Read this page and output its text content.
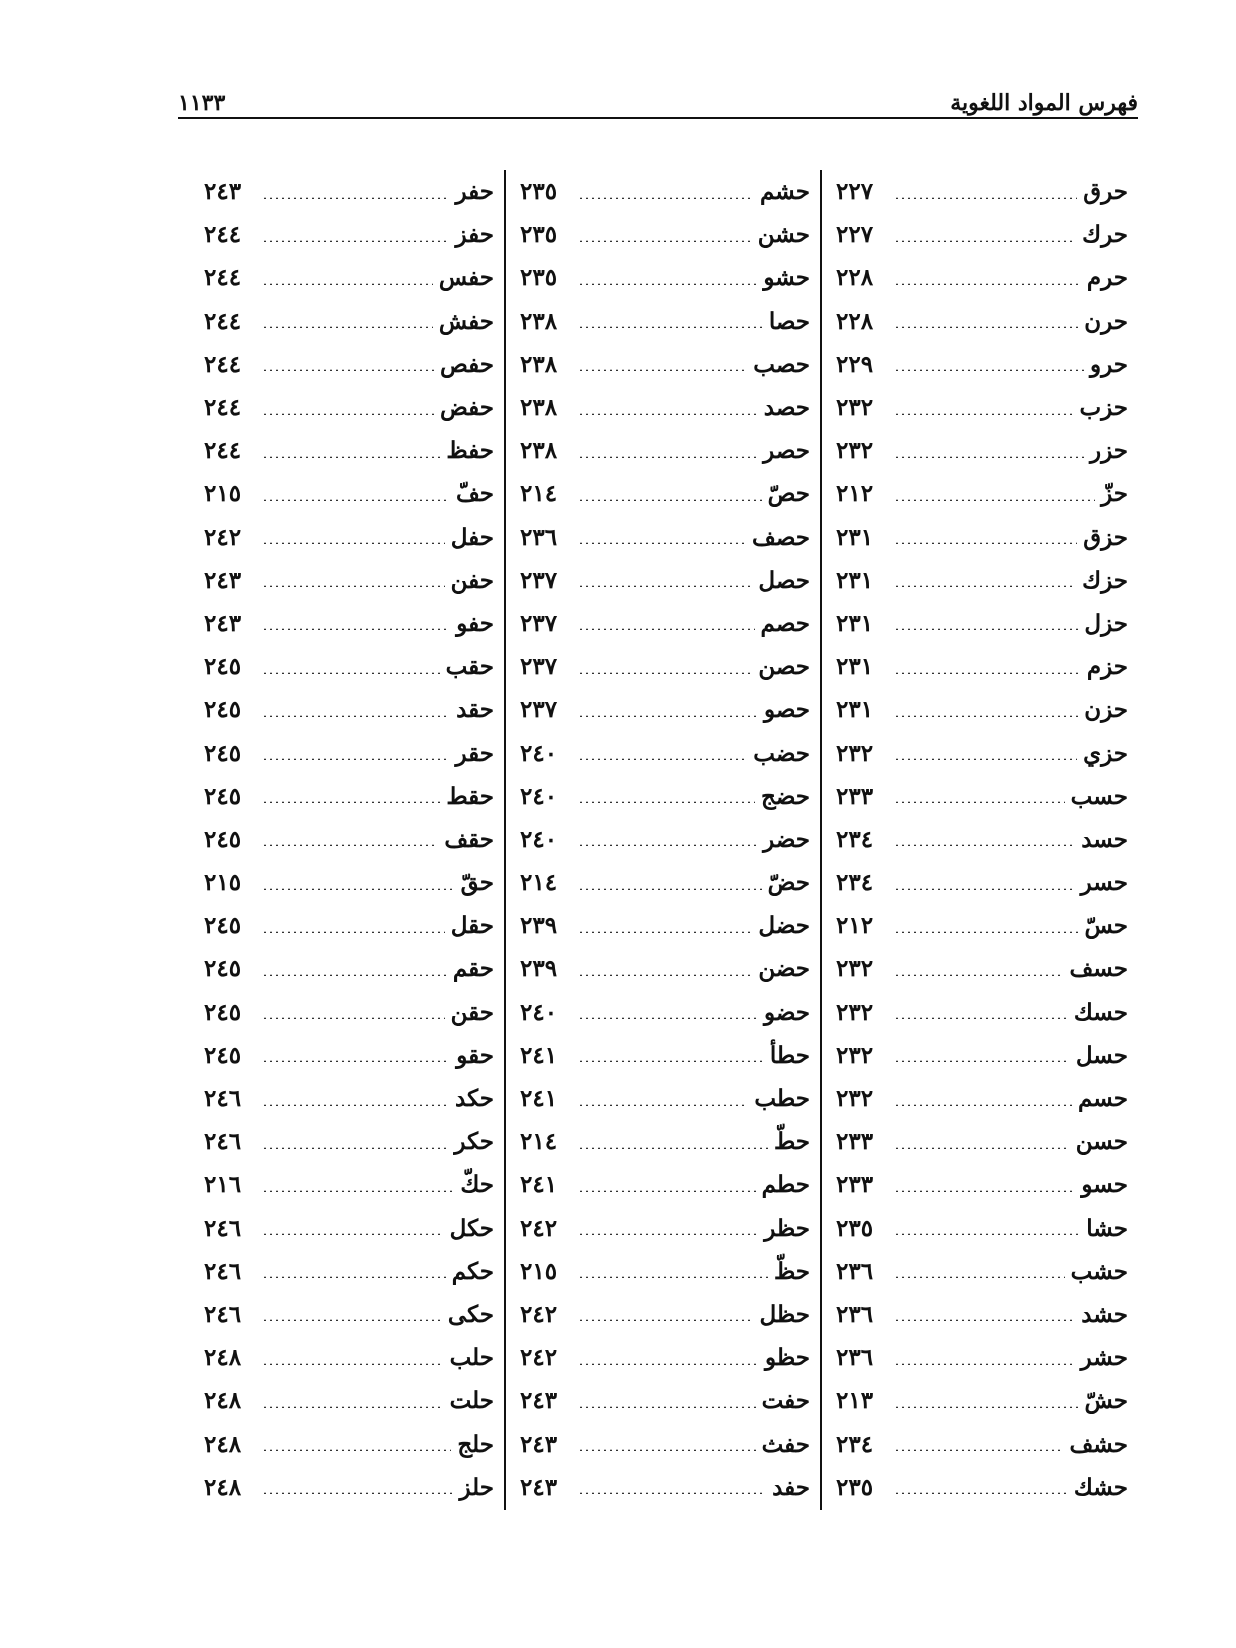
فهرس المواد اللغوية
١١٣٣
حرق
٢٢٧
حرك
٢٢٧
حرم
٢٢٨
حرن
٢٢٨
حرو
٢٢٩
حزب
٢٣٢
حزر
٢٣٢
حزّ
٢١٢
حزق
٢٣١
حزك
٢٣١
حزل
٢٣١
حزم
٢٣١
حزن
٢٣١
حزي
٢٣٢
حسب
٢٣٣
حسد
٢٣٤
حسر
٢٣٤
حسّ
٢١٢
حسف
٢٣٢
حسك
٢٣٢
حسل
٢٣٢
حسم
٢٣٢
حسن
٢٣٣
حسو
٢٣٣
حشا
٢٣٥
حشب
٢٣٦
حشد
٢٣٦
حشر
٢٣٦
حشّ
٢١٣
حشف
٢٣٤
حشك
٢٣٥
حشم
٢٣٥
حشن
٢٣٥
حشو
٢٣٥
حصا
٢٣٨
حصب
٢٣٨
حصد
٢٣٨
حصر
٢٣٨
حصّ
٢١٤
حصف
٢٣٦
حصل
٢٣٧
حصم
٢٣٧
حصن
٢٣٧
حصو
٢٣٧
حضب
٢٤٠
حضج
٢٤٠
حضر
٢٤٠
حضّ
٢١٤
حضل
٢٣٩
حضن
٢٣٩
حضو
٢٤٠
حطأ
٢٤١
حطب
٢٤١
حطّ
٢١٤
حطم
٢٤١
حظر
٢٤٢
حظّ
٢١٥
حظل
٢٤٢
حظو
٢٤٢
حفت
٢٤٣
حفث
٢٤٣
حفد
٢٤٣
حفر
٢٤٣
حفز
٢٤٤
حفس
٢٤٤
حفش
٢٤٤
حفص
٢٤٤
حفض
٢٤٤
حفظ
٢٤٤
حفّ
٢١٥
حفل
٢٤٢
حفن
٢٤٣
حفو
٢٤٣
حقب
٢٤٥
حقد
٢٤٥
حقر
٢٤٥
حقط
٢٤٥
حقف
٢٤٥
حقّ
٢١٥
حقل
٢٤٥
حقم
٢٤٥
حقن
٢٤٥
حقو
٢٤٥
حكد
٢٤٦
حكر
٢٤٦
حكّ
٢١٦
حكل
٢٤٦
حكم
٢٤٦
حكى
٢٤٦
حلب
٢٤٨
حلت
٢٤٨
حلج
٢٤٨
حلز
٢٤٨
